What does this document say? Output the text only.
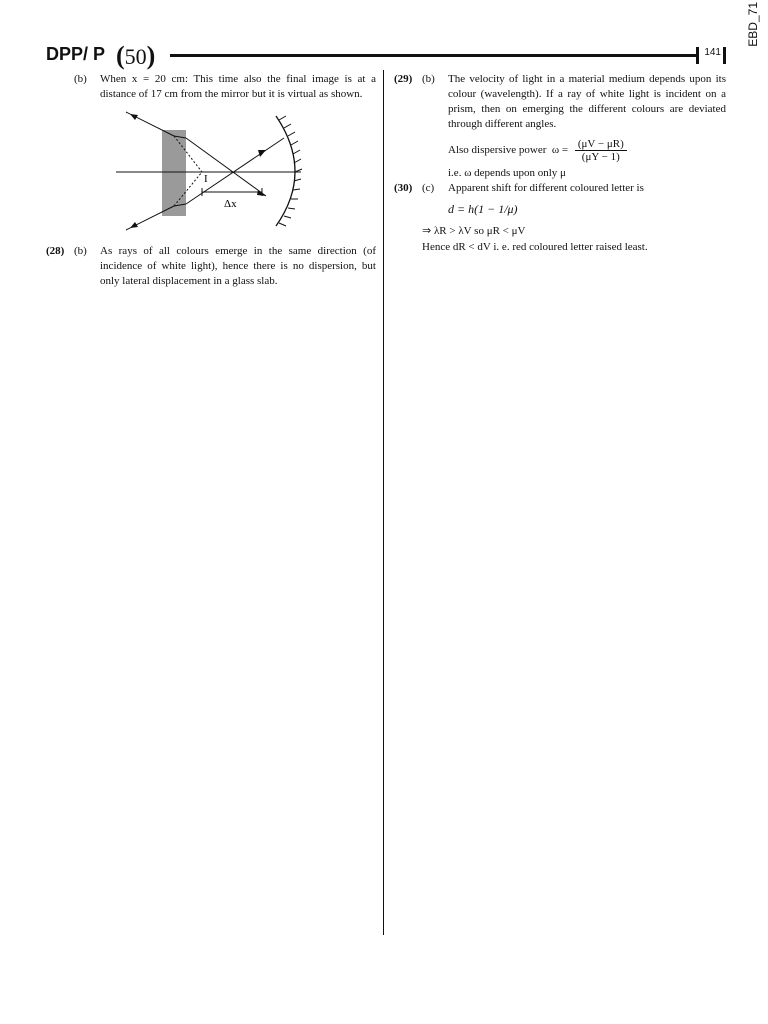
EBD_71
DPP/ P (50)	141
(b) When x = 20 cm: This time also the final image is at a distance of 17 cm from the mirror but it is virtual as shown.
I
Δx
(28) (b) As rays of all colours emerge in the same direction (of incidence of white light), hence there is no dispersion, but only lateral displacement in a glass slab.
(29) (b) The velocity of light in a material medium depends upon its colour (wavelength). If a ray of white light is incident on a prism, then on emerging the different colours are deviated through different angles.
Also dispersive power $\omega = \frac{(\mu V - \mu R)}{(\mu Y - 1)}$
i.e. ω depends upon only μ
(30) (c) Apparent shift for different coloured letter is
d = h(1 − 1/μ)
⇒ λR > λV so μR < μV
Hence dR < dV i. e. red coloured letter raised least.
